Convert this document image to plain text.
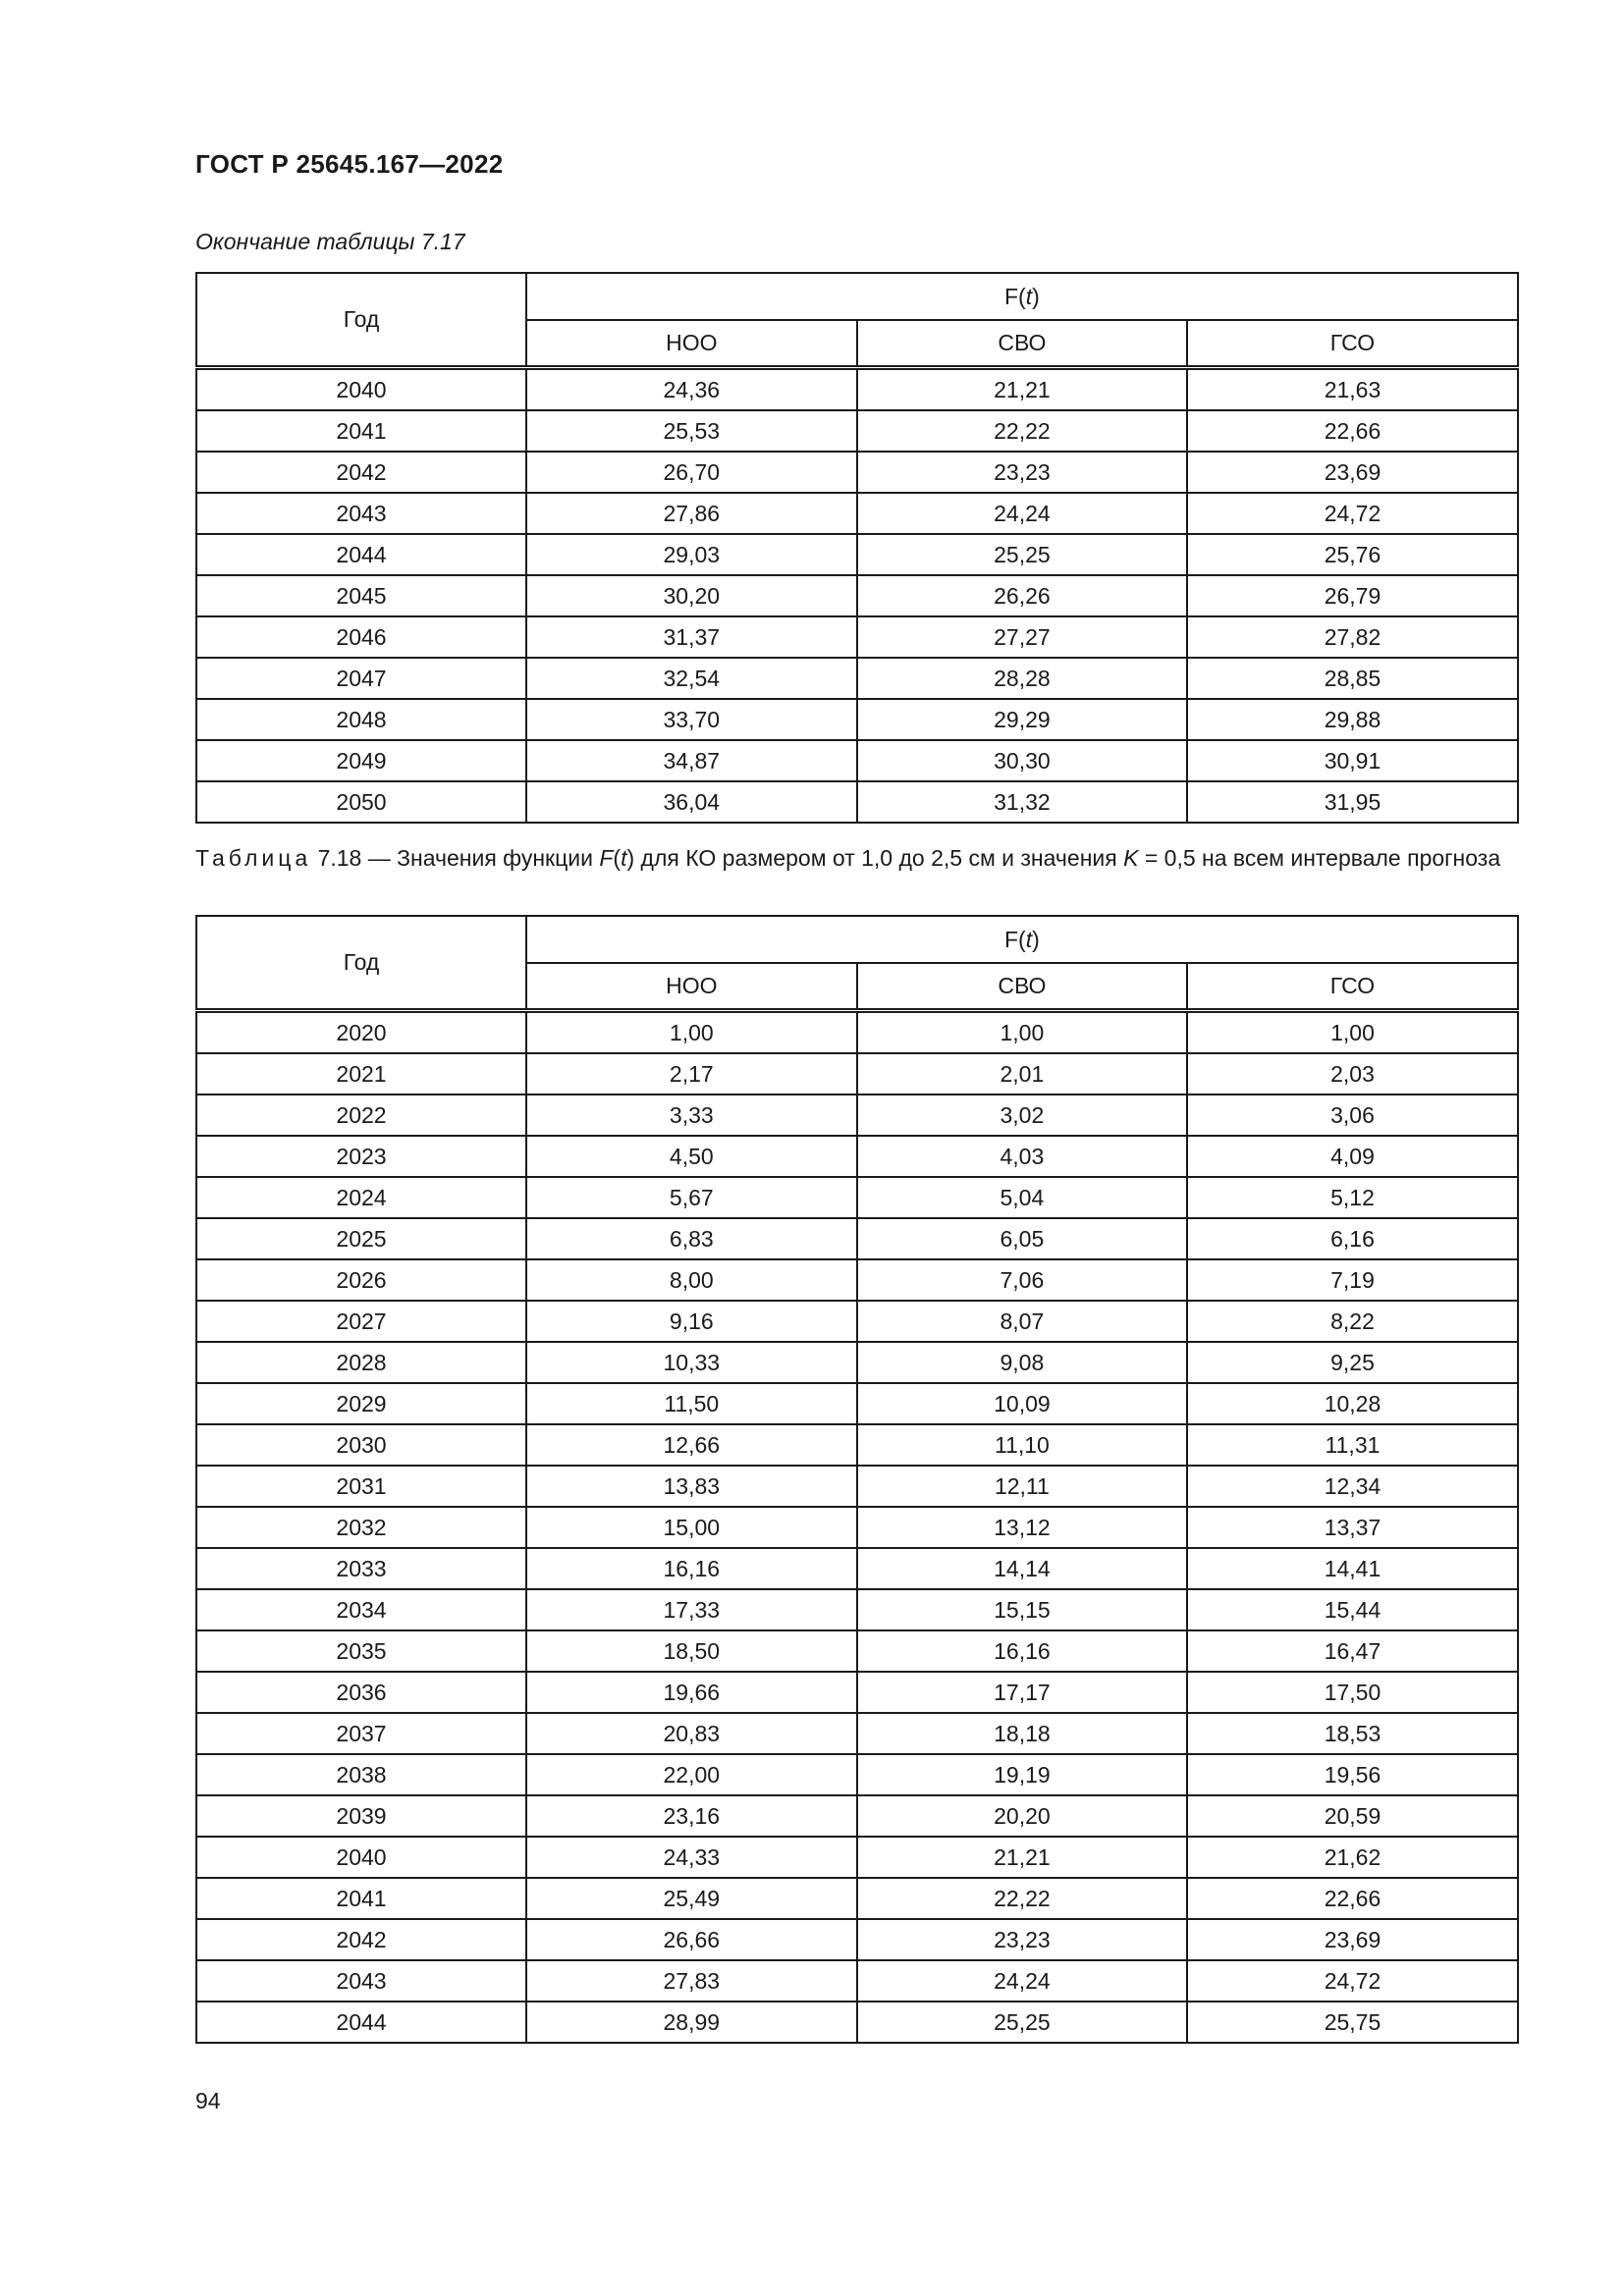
ГОСТ Р 25645.167—2022
Окончание таблицы 7.17
Год	F(t)		
	НОО	СВО	ГСО
2040	24,36	21,21	21,63
2041	25,53	22,22	22,66
2042	26,70	23,23	23,69
2043	27,86	24,24	24,72
2044	29,03	25,25	25,76
2045	30,20	26,26	26,79
2046	31,37	27,27	27,82
2047	32,54	28,28	28,85
2048	33,70	29,29	29,88
2049	34,87	30,30	30,91
2050	36,04	31,32	31,95
Таблица 7.18 — Значения функции F(t) для КО размером от 1,0 до 2,5 см и значения K = 0,5 на всем интервале прогноза
Год	F(t)		
	НОО	СВО	ГСО
2020	1,00	1,00	1,00
2021	2,17	2,01	2,03
2022	3,33	3,02	3,06
2023	4,50	4,03	4,09
2024	5,67	5,04	5,12
2025	6,83	6,05	6,16
2026	8,00	7,06	7,19
2027	9,16	8,07	8,22
2028	10,33	9,08	9,25
2029	11,50	10,09	10,28
2030	12,66	11,10	11,31
2031	13,83	12,11	12,34
2032	15,00	13,12	13,37
2033	16,16	14,14	14,41
2034	17,33	15,15	15,44
2035	18,50	16,16	16,47
2036	19,66	17,17	17,50
2037	20,83	18,18	18,53
2038	22,00	19,19	19,56
2039	23,16	20,20	20,59
2040	24,33	21,21	21,62
2041	25,49	22,22	22,66
2042	26,66	23,23	23,69
2043	27,83	24,24	24,72
2044	28,99	25,25	25,75
94
